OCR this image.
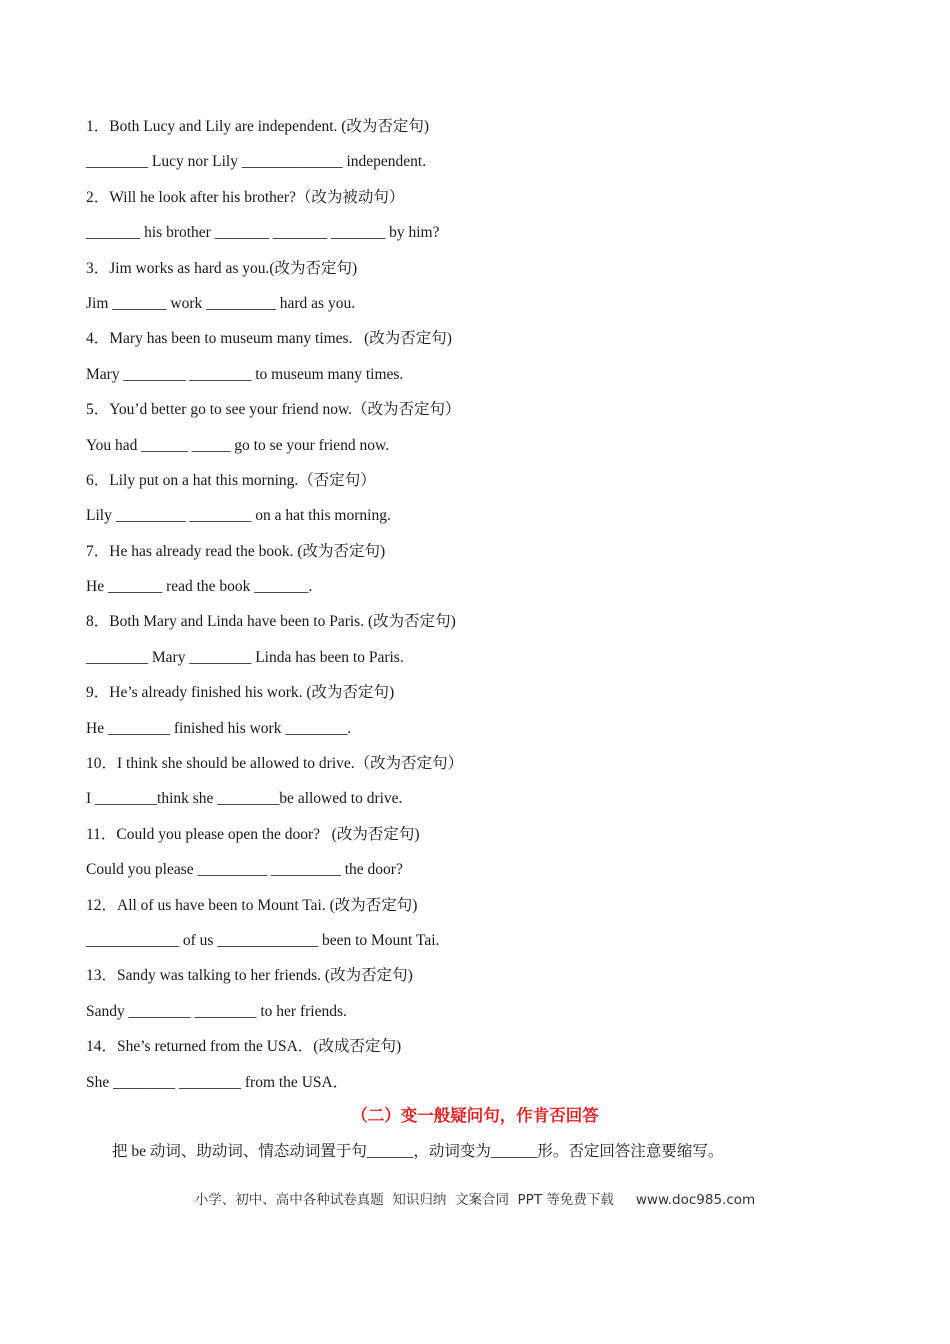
1．Both Lucy and Lily are independent. (改为否定句)
________ Lucy nor Lily _____________ independent.
2．Will he look after his brother?（改为被动句）
_______ his brother _______ _______ _______ by him?
3．Jim works as hard as you.(改为否定句)
Jim _______ work _________ hard as you.
4．Mary has been to museum many times.   (改为否定句)
Mary ________ ________ to museum many times.
5．You’d better go to see your friend now.（改为否定句）
You had ______ _____ go to se your friend now.
6．Lily put on a hat this morning.（否定句）
Lily _________ ________ on a hat this morning.
7．He has already read the book. (改为否定句)
He _______ read the book _______.
8．Both Mary and Linda have been to Paris. (改为否定句)
________ Mary ________ Linda has been to Paris.
9．He’s already finished his work. (改为否定句)
He ________ finished his work ________.
10．I think she should be allowed to drive.（改为否定句）
I ________think she ________be allowed to drive.
11．Could you please open the door?   (改为否定句)
Could you please _________ _________ the door?
12．All of us have been to Mount Tai. (改为否定句)
____________ of us _____________ been to Mount Tai.
13．Sandy was talking to her friends. (改为否定句)
Sandy ________ ________ to her friends.
14．She’s returned from the USA．(改成否定句)
She ________ ________ from the USA．
（二）变一般疑问句，作肯否回答
把 be 动词、助动词、情态动词置于句______，动词变为______形。否定回答注意要缩写。
小学、初中、高中各种试卷真题  知识归纳  文案合同  PPT 等免费下载 www.doc985.com
